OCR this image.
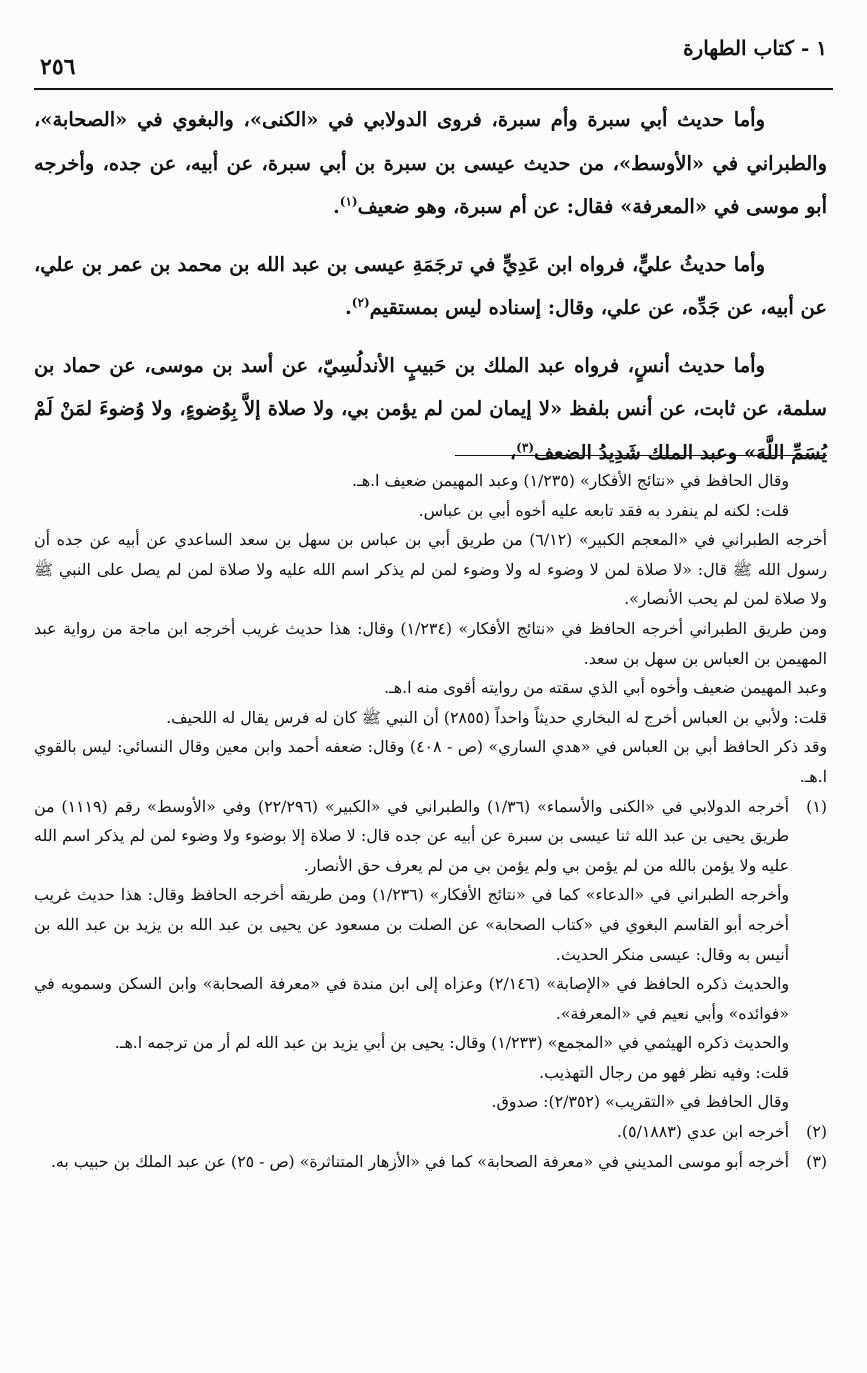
١ - كتاب الطهارة
٢٥٦

وأما حديث أبي سبرة وأم سبرة، فروى الدولابي في «الكنى»، والبغوي في «الصحابة»، والطبراني في «الأوسط»، من حديث عيسى بن سبرة بن أبي سبرة، عن أبيه، عن جده، وأخرجه أبو موسى في «المعرفة» فقال: عن أم سبرة، وهو ضعيف$^{(١)}$.

وأما حديثُ عليٍّ، فرواه ابن عَدِيٍّ في ترجَمَةِ عيسى بن عبد الله بن محمد بن عمر بن علي، عن أبيه، عن جَدِّه، عن علي، وقال: إسناده ليس بمستقيم$^{(٢)}$.

وأما حديث أنسٍ، فرواه عبد الملك بن حَبيبٍ الأندلُسِيّ، عن أسد بن موسى، عن حماد بن سلمة، عن ثابت، عن أنس بلفظ «لا إيمان لمن لم يؤمن بي، ولا صلاة إلاَّ بِوُضوءٍ، ولا وُضوءَ لمَنْ لَمْ يُسَمِّ اللَّهَ» وعبد الملك شَدِيدُ الضعف$^{(٣)}$،

وقال الحافظ في «نتائج الأفكار» (١/٢٣٥) وعبد المهيمن ضعيف ا.هـ.

قلت: لكنه لم ينفرد به فقد تابعه عليه أخوه أبي بن عباس.

أخرجه الطبراني في «المعجم الكبير» (٦/١٢) من طريق أبي بن عباس بن سهل بن سعد الساعدي عن أبيه عن جده أن رسول الله ﷺ قال: «لا صلاة لمن لا وضوء له ولا وضوء لمن لم يذكر اسم الله عليه ولا صلاة لمن لم يصل على النبي ﷺ ولا صلاة لمن لم يحب الأنصار».

ومن طريق الطبراني أخرجه الحافظ في «نتائج الأفكار» (١/٢٣٤) وقال: هذا حديث غريب أخرجه ابن ماجة من رواية عبد المهيمن بن العباس بن سهل بن سعد.

وعبد المهيمن ضعيف وأخوه أبي الذي سقته من روايته أقوى منه ا.هـ.

قلت: ولأبي بن العباس أخرج له البخاري حديثاً واحداً (٢٨٥٥) أن النبي ﷺ كان له فرس يقال له اللحيف.

وقد ذكر الحافظ أبي بن العباس في «هدي الساري» (ص - ٤٠٨) وقال: ضعفه أحمد وابن معين وقال النسائي: ليس بالقوي ا.هـ.

(١)

أخرجه الدولابي في «الكنى والأسماء» (١/٣٦) والطبراني في «الكبير» (٢٢/٢٩٦) وفي «الأوسط» رقم (١١١٩) من طريق يحيى بن عبد الله ثنا عيسى بن سبرة عن أبيه عن جده قال: لا صلاة إلا بوضوء ولا وضوء لمن لم يذكر اسم الله عليه ولا يؤمن بالله من لم يؤمن بي ولم يؤمن بي من لم يعرف حق الأنصار.

وأخرجه الطبراني في «الدعاء» كما في «نتائج الأفكار» (١/٢٣٦) ومن طريقه أخرجه الحافظ وقال: هذا حديث غريب أخرجه أبو القاسم البغوي في «كتاب الصحابة» عن الصلت بن مسعود عن يحيى بن عبد الله بن يزيد بن عبد الله بن أنيس به وقال: عيسى منكر الحديث.

والحديث ذكره الحافظ في «الإصابة» (٢/١٤٦) وعزاه إلى ابن مندة في «معرفة الصحابة» وابن السكن وسمويه في «فوائده» وأبي نعيم في «المعرفة».

والحديث ذكره الهيثمي في «المجمع» (١/٢٣٣) وقال: يحيى بن أبي يزيد بن عبد الله لم أر من ترجمه ا.هـ.

قلت: وفيه نظر فهو من رجال التهذيب.

وقال الحافظ في «التقريب» (٢/٣٥٢): صدوق.

(٢)

أخرجه ابن عدي (٥/١٨٨٣).

(٣)

أخرجه أبو موسى المديني في «معرفة الصحابة» كما في «الأزهار المتناثرة» (ص - ٢٥) عن عبد الملك بن حبيب به.
